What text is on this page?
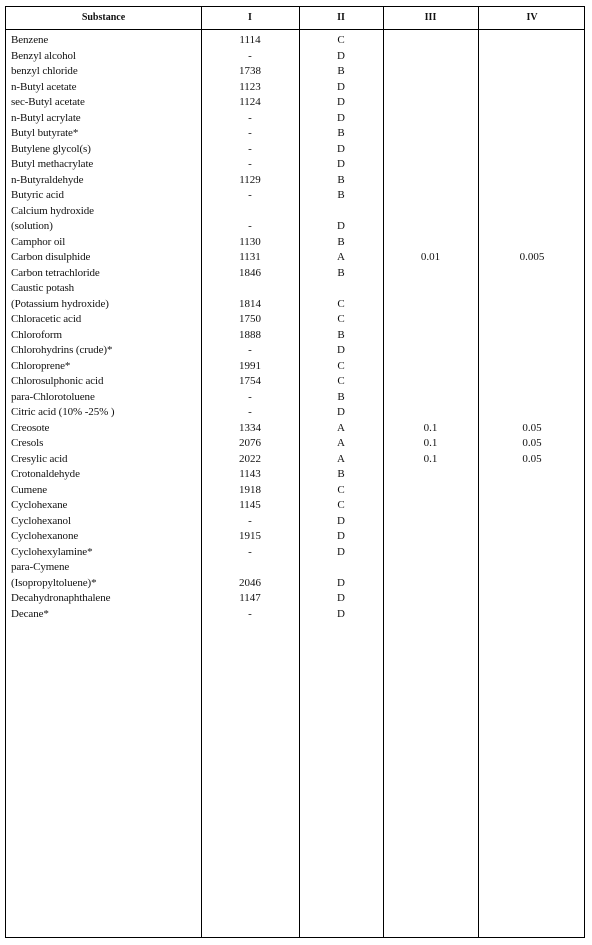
Substance	I	II	III	IV
Benzene	1114	C
Benzyl alcohol	-	D
benzyl chloride	1738	B
n-Butyl acetate	1123	D
sec-Butyl acetate	1124	D
n-Butyl acrylate	-	D
Butyl butyrate*	-	B
Butylene glycol(s)	-	D
Butyl methacrylate	-	D
n-Butyraldehyde	1129	B
Butyric acid	-	B
Calcium hydroxide
(solution)	-	D
Camphor oil	1130	B
Carbon disulphide	1131	A	0.01	0.005
Carbon tetrachloride	1846	B
Caustic potash
(Potassium hydroxide)	1814	C
Chloracetic acid	1750	C
Chloroform	1888	B
Chlorohydrins (crude)*	-	D
Chloroprene*	1991	C
Chlorosulphonic acid	1754	C
para-Chlorotoluene	-	B
Citric acid (10% -25% )	-	D
Creosote	1334	A	0.1	0.05
Cresols	2076	A	0.1	0.05
Cresylic acid	2022	A	0.1	0.05
Crotonaldehyde	1143	B
Cumene	1918	C
Cyclohexane	1145	C
Cyclohexanol	-	D
Cyclohexanone	1915	D
Cyclohexylamine*	-	D
para-Cymene
(Isopropyltoluene)*	2046	D
Decahydronaphthalene	1147	D
Decane*	-	D
